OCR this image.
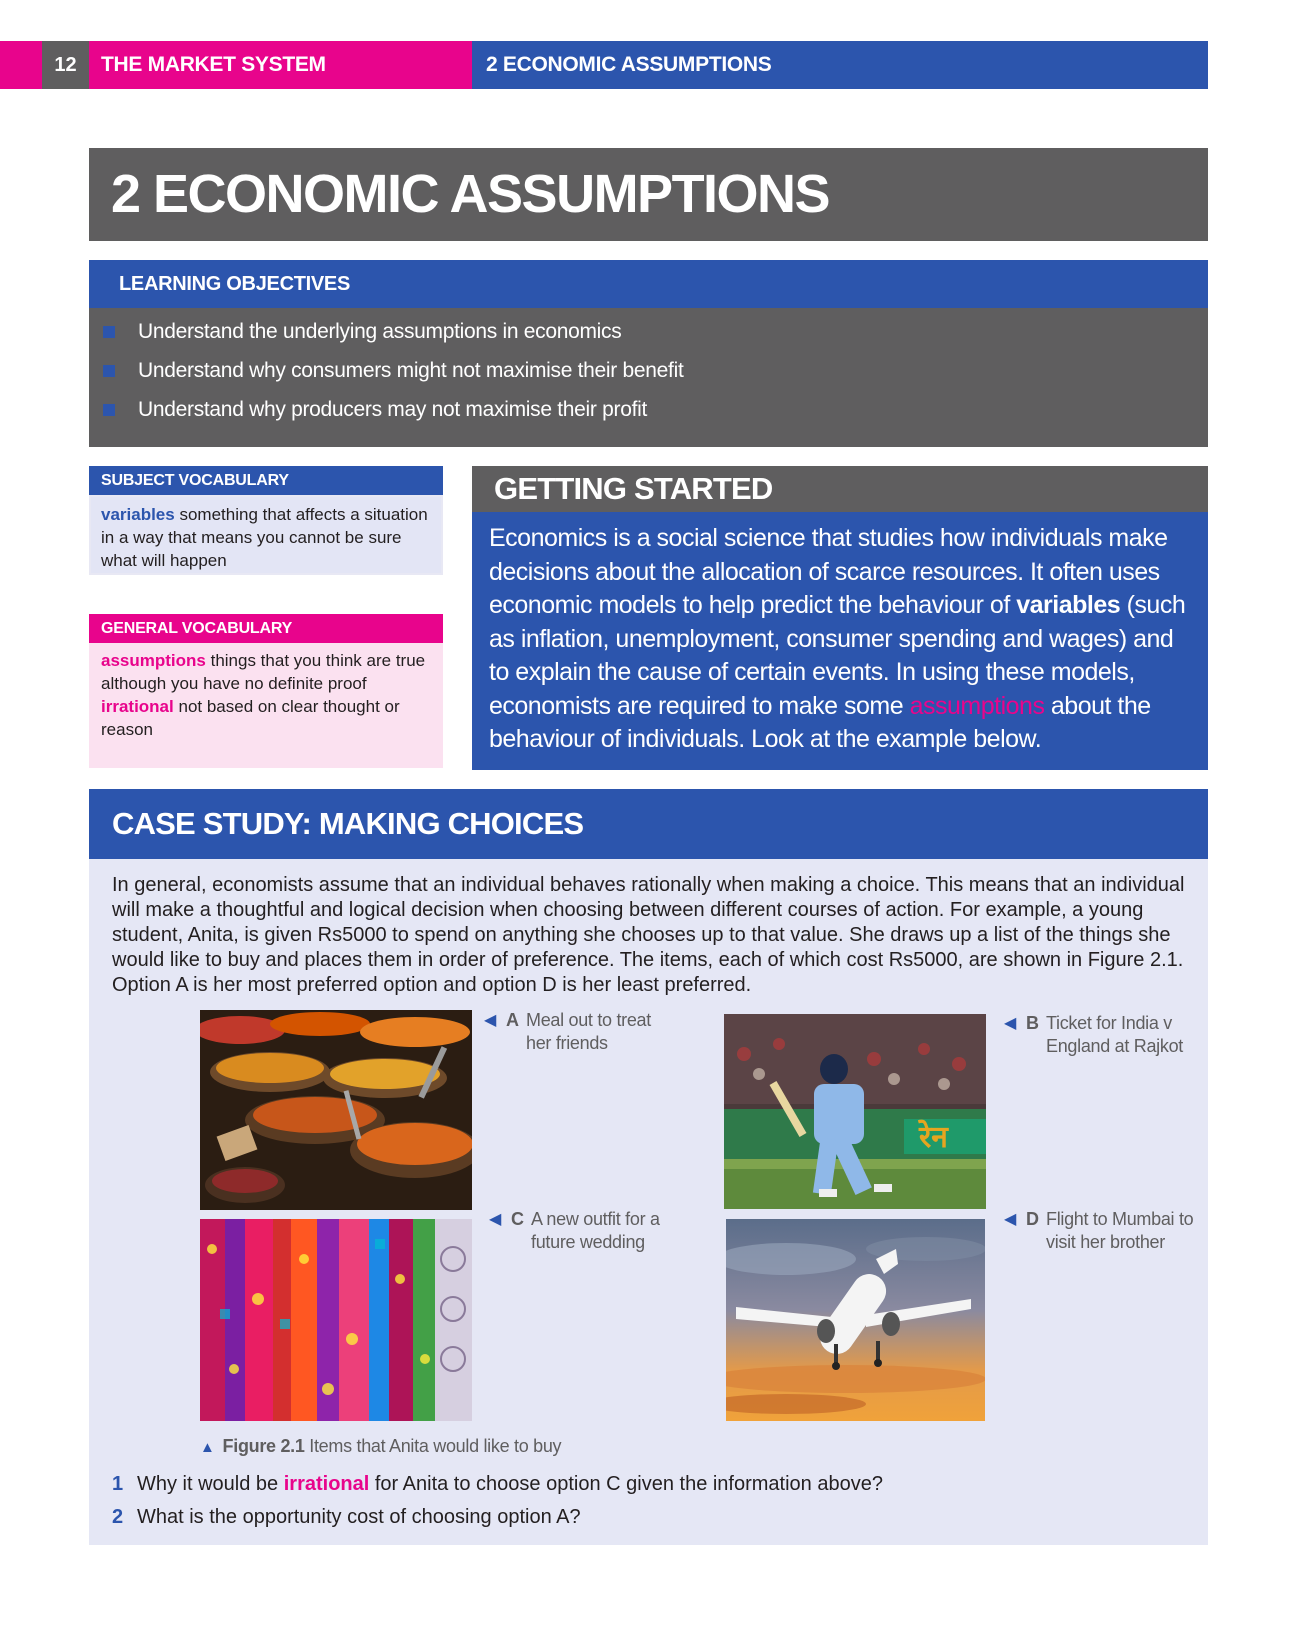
12	THE MARKET SYSTEM	2 ECONOMIC ASSUMPTIONS
2 ECONOMIC ASSUMPTIONS
LEARNING OBJECTIVES
Understand the underlying assumptions in economics
Understand why consumers might not maximise their benefit
Understand why producers may not maximise their profit
SUBJECT VOCABULARY
variables something that affects a situation in a way that means you cannot be sure what will happen
GENERAL VOCABULARY
assumptions things that you think are true although you have no definite proof
irrational not based on clear thought or reason
GETTING STARTED
Economics is a social science that studies how individuals make decisions about the allocation of scarce resources. It often uses economic models to help predict the behaviour of variables (such as inflation, unemployment, consumer spending and wages) and to explain the cause of certain events. In using these models, economists are required to make some assumptions about the behaviour of individuals. Look at the example below.
CASE STUDY: MAKING CHOICES
In general, economists assume that an individual behaves rationally when making a choice. This means that an individual will make a thoughtful and logical decision when choosing between different courses of action. For example, a young student, Anita, is given Rs5000 to spend on anything she chooses up to that value. She draws up a list of the things she would like to buy and places them in order of preference. The items, each of which cost Rs5000, are shown in Figure 2.1. Option A is her most preferred option and option D is her least preferred.
◀ A Meal out to treat
her friends
रेन
◀ B Ticket for India v
England at Rajkot
◀ C A new outfit for a
future wedding
◀ D Flight to Mumbai to
visit her brother
▲ Figure 2.1 Items that Anita would like to buy
1 Why it would be irrational for Anita to choose option C given the information above?
2 What is the opportunity cost of choosing option A?
